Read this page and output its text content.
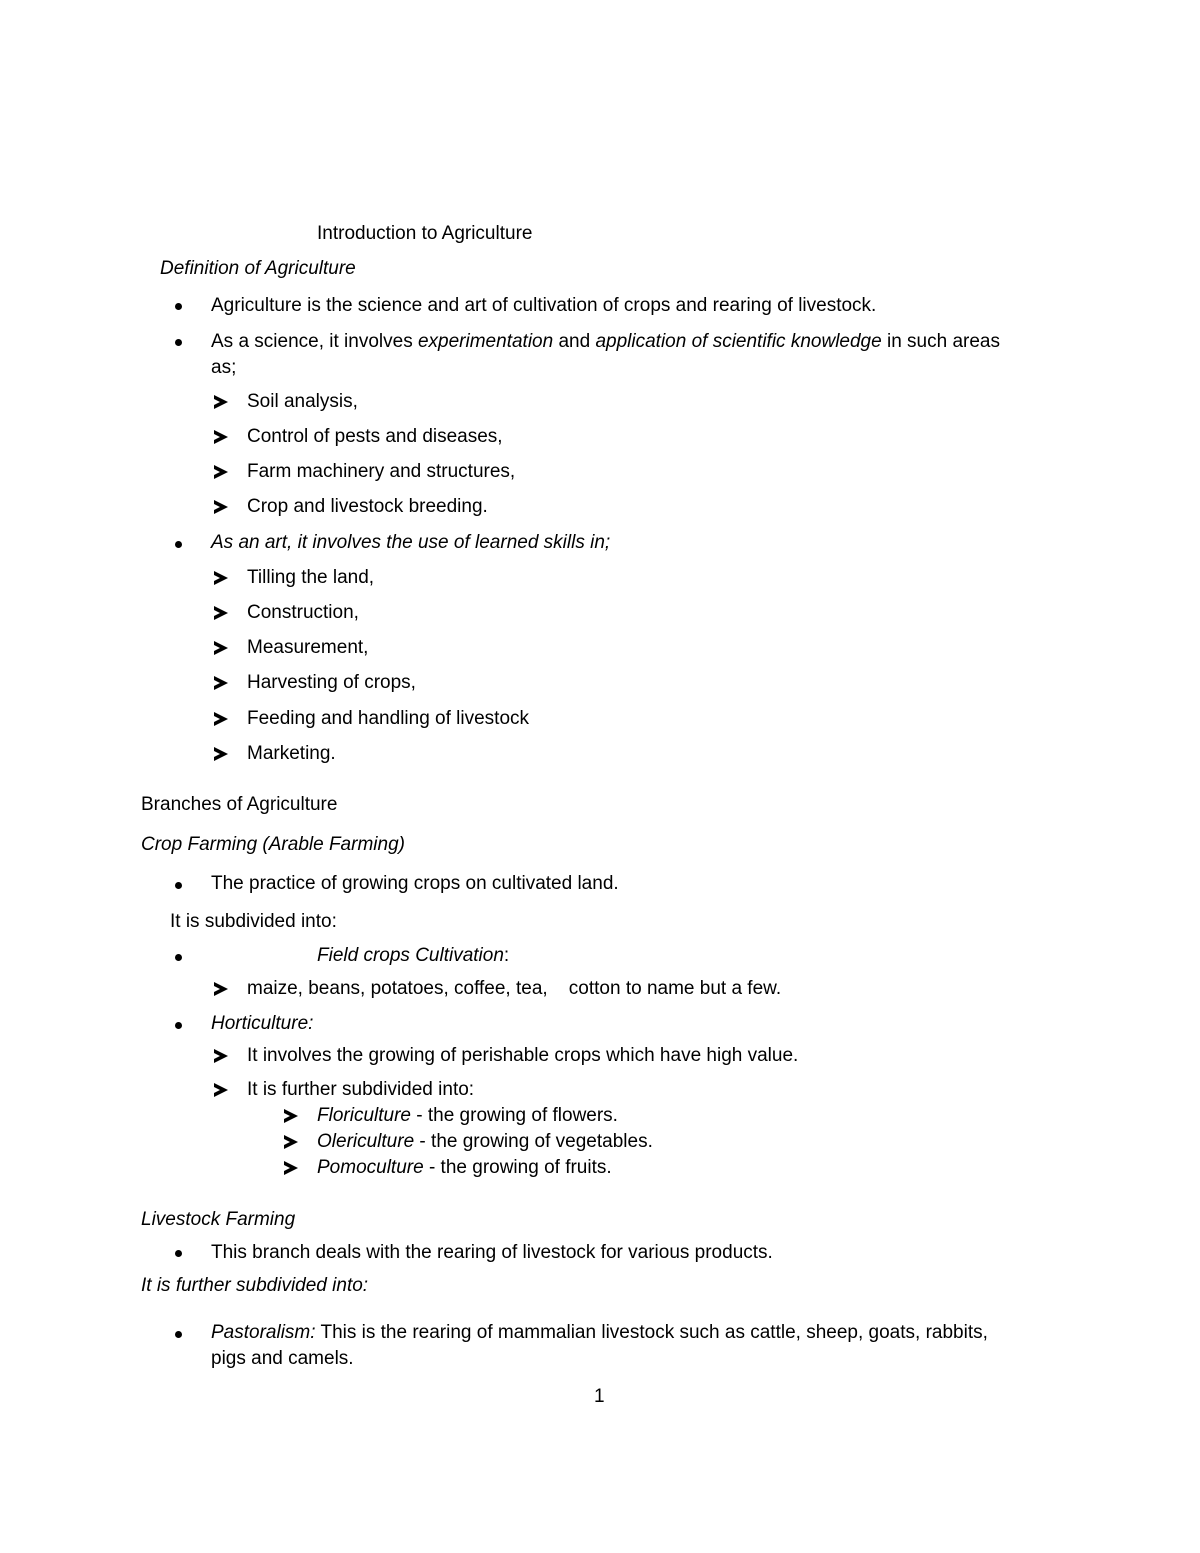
Introduction to Agriculture
Definition of Agriculture
Agriculture is the science and art of cultivation of crops and rearing of livestock.
As a science, it involves experimentation and application of scientific knowledge in such areas
as;
Soil analysis,
Control of pests and diseases,
Farm machinery and structures,
Crop and livestock breeding.
As an art, it involves the use of learned skills in;
Tilling the land,
Construction,
Measurement,
Harvesting of crops,
Feeding and handling of livestock
Marketing.
Branches of Agriculture
Crop Farming (Arable Farming)
The practice of growing crops on cultivated land.
It is subdivided into:
Field crops Cultivation:
maize, beans, potatoes, coffee, tea,    cotton to name but a few.
Horticulture:
It involves the growing of perishable crops which have high value.
It is further subdivided into:
Floriculture - the growing of flowers.
Olericulture - the growing of vegetables.
Pomoculture - the growing of fruits.
Livestock Farming
This branch deals with the rearing of livestock for various products.
It is further subdivided into:
Pastoralism: This is the rearing of mammalian livestock such as cattle, sheep, goats, rabbits,
pigs and camels.
1
